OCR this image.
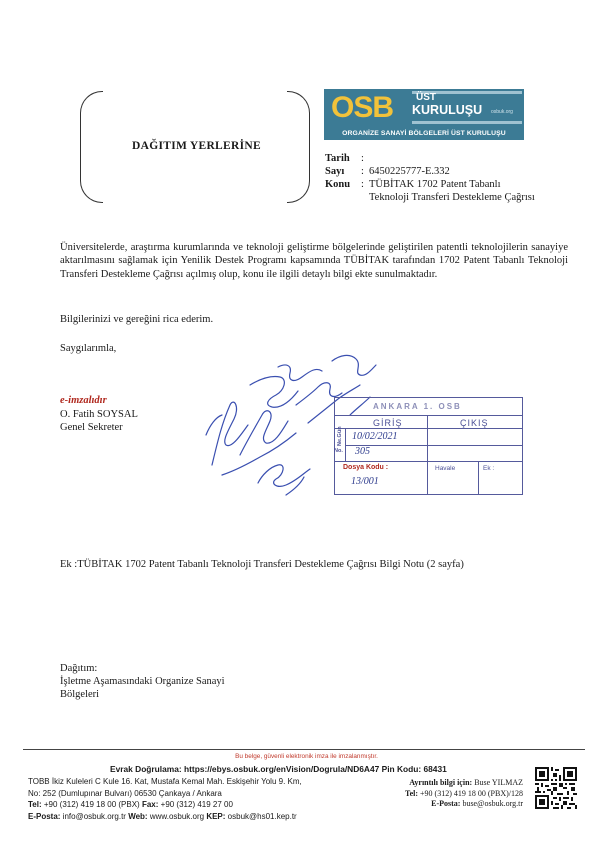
DAĞITIM YERLERİNE
OSB ÜST
KURULUŞU osbuk.org
ORGANİZE SANAYİ BÖLGELERİ ÜST KURULUŞU
Tarih	:
Sayı	: 6450225777-E.332
Konu	: TÜBİTAK 1702 Patent Tabanlı
Teknoloji Transferi Destekleme Çağrısı
Üniversitelerde, araştırma kurumlarında ve teknoloji geliştirme bölgelerinde geliştirilen patentli teknolojilerin sanayiye aktarılmasını sağlamak için Yenilik Destek Programı kapsamında TÜBİTAK tarafından 1702 Patent Tabanlı Teknoloji Transferi Destekleme Çağrısı açılmış olup, konu ile ilgili detaylı bilgi ekte sunulmaktadır.
Bilgilerinizi ve gereğini rica ederim.
Saygılarımla,
e-imzalıdır
O. Fatih SOYSAL
Genel Sekreter
ANKARA 1. OSB
GİRİŞ	ÇIKIŞ
Ne.Gün 10/02/2021
No. 305
Dosya Kodu :
13/001
Havale	Ek :
Ek :TÜBİTAK 1702 Patent Tabanlı Teknoloji Transferi Destekleme Çağrısı Bilgi Notu (2 sayfa)
Dağıtım:
İşletme Aşamasındaki Organize Sanayi
Bölgeleri
Bu belge, güvenli elektronik imza ile imzalanmıştır.
Evrak Doğrulama: https://ebys.osbuk.org/enVision/Dogrula/ND6A47 Pin Kodu: 68431
TOBB İkiz Kuleleri C Kule 16. Kat, Mustafa Kemal Mah. Eskişehir Yolu 9. Km,
No: 252 (Dumlupınar Bulvarı) 06530 Çankaya / Ankara
Tel: +90 (312) 419 18 00 (PBX) Fax: +90 (312) 419 27 00
E-Posta: info@osbuk.org.tr Web: www.osbuk.org KEP: osbuk@hs01.kep.tr
Ayrıntılı bilgi için: Buse YILMAZ
Tel: +90 (312) 419 18 00 (PBX)/128
E-Posta: buse@osbuk.org.tr
